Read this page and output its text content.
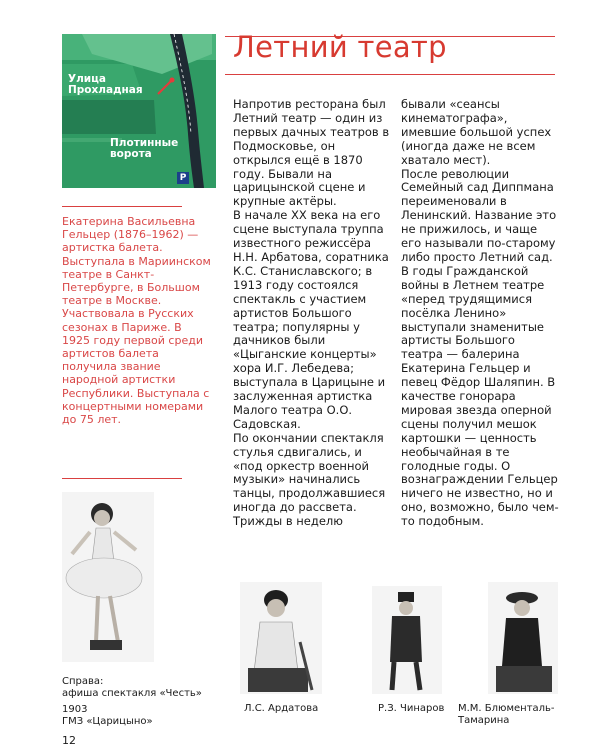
Улица
Прохладная
Плотинные
ворота
P
Летний театр

Екатерина Васильевна Гельцер (1876–1962) — артистка балета. Выступала в Мариинском театре в Санкт-Петербурге, в Большом театре в Москве. Участвовала в Русских сезонах в Париже. В 1925 году первой среди артистов балета получила звание народной артистки Республики. Выступала с концертными номерами до 75 лет.

Напротив ресторана был Летний театр — один из первых дачных театров в Подмосковье, он открылся ещё в 1870 году. Бывали на царицынской сцене и крупные актёры.

В начале XX века на его сцене выступала труппа известного режиссёра Н.Н. Арбатова, соратника К.С. Станиславского; в 1913 году состоялся спектакль с участием артистов Большого театра; популярны у дачников были «Цыганские концерты» хора И.Г. Лебедева; выступала в Царицыне и заслуженная артистка Малого театра О.О. Садовская.

По окончании спектакля стулья сдвигались, и «под оркестр военной музыки» начинались танцы, продолжавшиеся иногда до рассвета. Трижды в неделю

бывали «сеансы кинематографа», имевшие большой успех (иногда даже не всем хватало мест).

После революции Семейный сад Диппмана переименовали в Ленинский. Название это не прижилось, и чаще его называли по-старому либо просто Летний сад.

В годы Гражданской войны в Летнем театре «перед трудящимися посёлка Ленино» выступали знаменитые артисты Большого театра — балерина Екатерина Гельцер и певец Фёдор Шаляпин. В качестве гонорара мировая звезда оперной сцены получил мешок картошки — ценность необычайная в те голодные годы. О вознаграждении Гельцер ничего не известно, но и оно, возможно, было чем-то подобным.

Справа:
афиша спектакля «Честь»
1903
ГМЗ «Царицыно»
Л.С. Ардатова	Р.З. Чинаров	М.М. Блюменталь-
Тамарина
12
